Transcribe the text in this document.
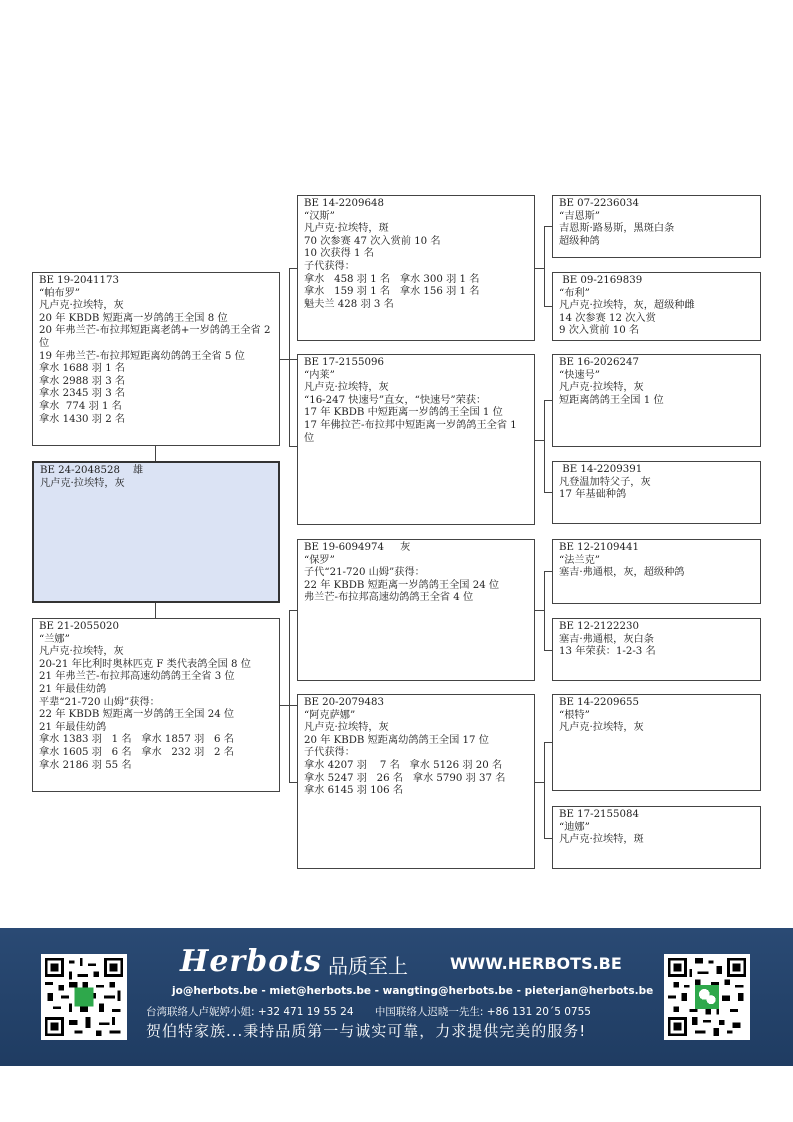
BE 24-2048528    雄
凡卢克·拉埃特，灰
BE 19-2041173
“帕布罗”
凡卢克·拉埃特，灰
20 年 KBDB 短距离一岁鸽鸽王全国 8 位
20 年弗兰芒-布拉邦短距离老鸽+一岁鸽鸽王全省 2 位
19 年弗兰芒-布拉邦短距离幼鸽鸽王全省 5 位
拿水 1688 羽 1 名
拿水 2988 羽 3 名
拿水 2345 羽 3 名
拿水  774 羽 1 名
拿水 1430 羽 2 名
BE 21-2055020
“兰娜”
凡卢克·拉埃特，灰
20-21 年比利时奥林匹克 F 类代表鸽全国 8 位
21 年弗兰芒-布拉邦高速幼鸽鸽王全省 3 位
21 年最佳幼鸽
平辈“21-720 山姆”获得：
22 年 KBDB 短距离一岁鸽鸽王全国 24 位
21 年最佳幼鸽
拿水 1383 羽   1 名   拿水 1857 羽   6 名
拿水 1605 羽   6 名   拿水   232 羽   2 名
拿水 2186 羽 55 名
BE 14-2209648
“汉斯”
凡卢克·拉埃特，斑
70 次参赛 47 次入赏前 10 名
10 次获得 1 名
子代获得：
拿水   458 羽 1 名   拿水 300 羽 1 名
拿水   159 羽 1 名   拿水 156 羽 1 名
魁夫兰 428 羽 3 名
BE 17-2155096
“内莱”
凡卢克·拉埃特，灰
“16-247 快速号”直女，“快速号”荣获：
17 年 KBDB 中短距离一岁鸽鸽王全国 1 位
17 年佛拉芒-布拉邦中短距离一岁鸽鸽王全省 1 位
BE 19-6094974     灰
“保罗”
子代“21-720 山姆”获得：
22 年 KBDB 短距离一岁鸽鸽王全国 24 位
弗兰芒-布拉邦高速幼鸽鸽王全省 4 位
BE 20-2079483
“阿克萨娜”
凡卢克·拉埃特，灰
20 年 KBDB 短距离幼鸽鸽王全国 17 位
子代获得：
拿水 4207 羽    7 名   拿水 5126 羽 20 名
拿水 5247 羽   26 名   拿水 5790 羽 37 名
拿水 6145 羽 106 名
BE 07-2236034
“吉恩斯”
吉恩斯·路易斯，黑斑白条
超级种鸽
BE 09-2169839
“布利”
凡卢克·拉埃特，灰，超级种雌
14 次参赛 12 次入赏
9 次入赏前 10 名
BE 16-2026247
“快速号”
凡卢克·拉埃特，灰
短距离鸽鸽王全国 1 位
BE 14-2209391
凡登温加特父子，灰
17 年基础种鸽
BE 12-2109441
“法兰克”
塞吉·弗通根，灰，超级种鸽
BE 12-2122230
塞吉·弗通根，灰白条
13 年荣获：1-2-3 名
BE 14-2209655
“根特”
凡卢克·拉埃特，灰
BE 17-2155084
“迪娜”
凡卢克·拉埃特，斑
Herbots 品质至上	WWW.HERBOTS.BE
jo@herbots.be - miet@herbots.be - wangting@herbots.be - pieterjan@herbots.be
台湾联络人卢妮婷小姐: +32 471 19 55 24 中国联络人迟晓一先生: +86 131 20´5 0755
贺伯特家族...秉持品质第一与诚实可靠，力求提供完美的服务!
